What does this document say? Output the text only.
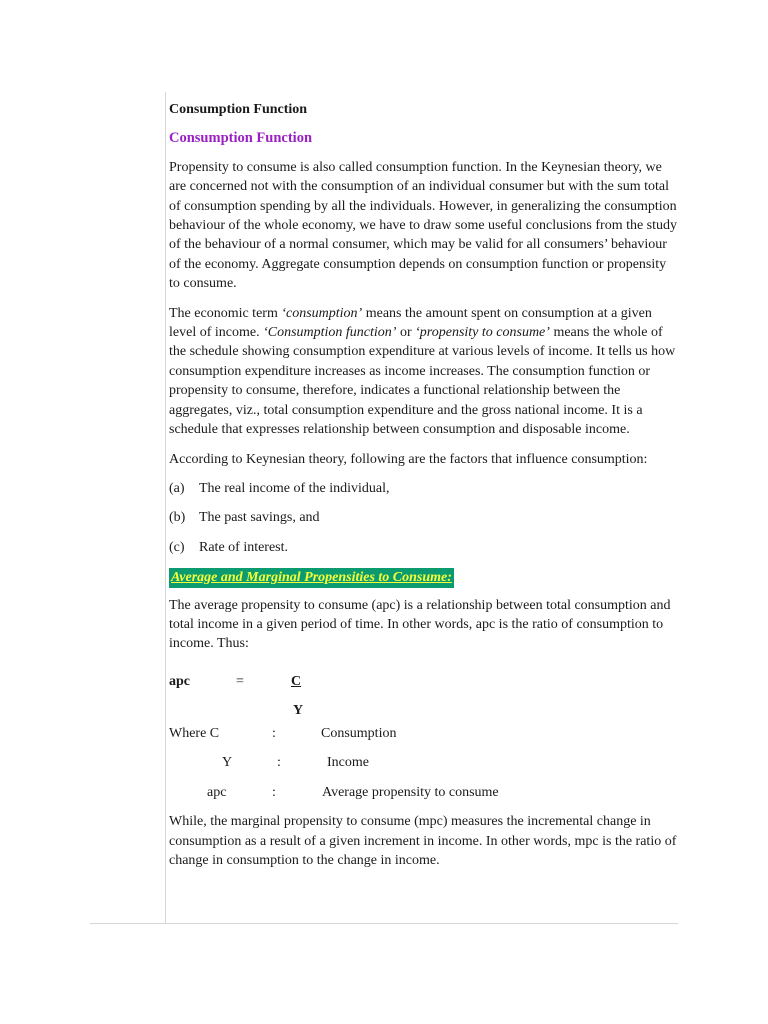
Consumption Function
Consumption Function

Propensity to consume is also called consumption function. In the Keynesian theory, we are concerned not with the consumption of an individual consumer but with the sum total of consumption spending by all the individuals. However, in generalizing the consumption behaviour of the whole economy, we have to draw some useful conclusions from the study of the behaviour of a normal consumer, which may be valid for all consumers’ behaviour of the economy. Aggregate consumption depends on consumption function or propensity to consume.

The economic term ‘consumption’ means the amount spent on consumption at a given level of income. ‘Consumption function’ or ‘propensity to consume’ means the whole of the schedule showing consumption expenditure at various levels of income. It tells us how consumption expenditure increases as income increases. The consumption function or propensity to consume, therefore, indicates a functional relationship between the aggregates, viz., total consumption expenditure and the gross national income. It is a schedule that expresses relationship between consumption and disposable income.

According to Keynesian theory, following are the factors that influence consumption:

(a) The real income of the individual,
(b) The past savings, and
(c) Rate of interest.
Average and Marginal Propensities to Consume:

The average propensity to consume (apc) is a relationship between total consumption and total income in a given period of time. In other words, apc is the ratio of consumption to income. Thus:

apc	=	C
Y
Where C	:	Consumption
Y	:	Income
apc	:	Average propensity to consume

While, the marginal propensity to consume (mpc) measures the incremental change in consumption as a result of a given increment in income. In other words, mpc is the ratio of change in consumption to the change in income.
